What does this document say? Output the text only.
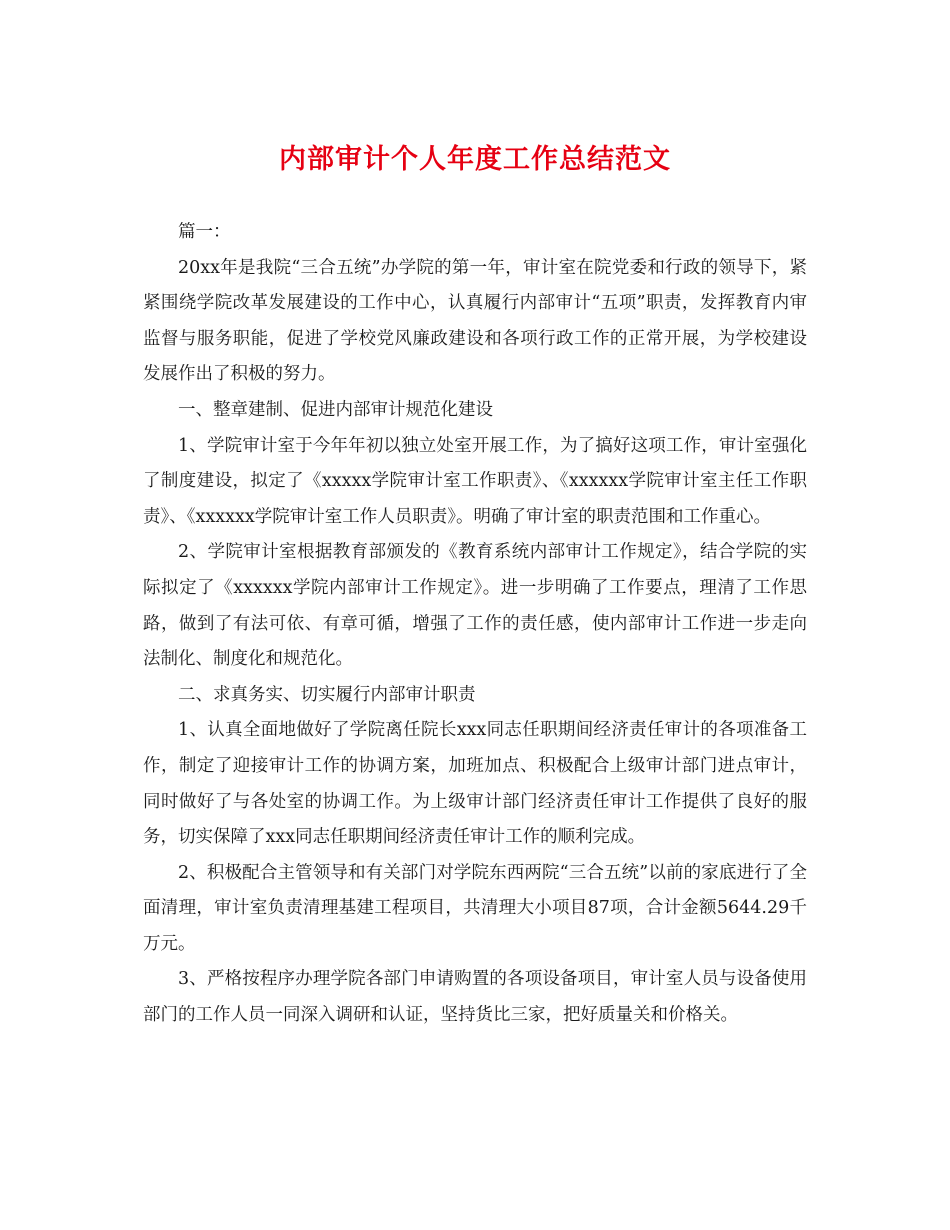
内部审计个人年度工作总结范文

篇一：

20xx年是我院“三合五统”办学院的第一年，审计室在院党委和行政的领导下，紧紧围绕学院改革发展建设的工作中心，认真履行内部审计“五项”职责，发挥教育内审监督与服务职能，促进了学校党风廉政建设和各项行政工作的正常开展，为学校建设发展作出了积极的努力。

一、整章建制、促进内部审计规范化建设

1、学院审计室于今年年初以独立处室开展工作，为了搞好这项工作，审计室强化了制度建设，拟定了《xxxxx学院审计室工作职责》、《xxxxxx学院审计室主任工作职责》、《xxxxxx学院审计室工作人员职责》。明确了审计室的职责范围和工作重心。

2、学院审计室根据教育部颁发的《教育系统内部审计工作规定》，结合学院的实际拟定了《xxxxxx学院内部审计工作规定》。进一步明确了工作要点，理清了工作思路，做到了有法可依、有章可循，增强了工作的责任感，使内部审计工作进一步走向法制化、制度化和规范化。

二、求真务实、切实履行内部审计职责

1、认真全面地做好了学院离任院长xxx同志任职期间经济责任审计的各项准备工作，制定了迎接审计工作的协调方案，加班加点、积极配合上级审计部门进点审计，同时做好了与各处室的协调工作。为上级审计部门经济责任审计工作提供了良好的服务，切实保障了xxx同志任职期间经济责任审计工作的顺利完成。

2、积极配合主管领导和有关部门对学院东西两院“三合五统”以前的家底进行了全面清理，审计室负责清理基建工程项目，共清理大小项目87项，合计金额5644.29千万元。

3、严格按程序办理学院各部门申请购置的各项设备项目，审计室人员与设备使用部门的工作人员一同深入调研和认证，坚持货比三家，把好质量关和价格关。
